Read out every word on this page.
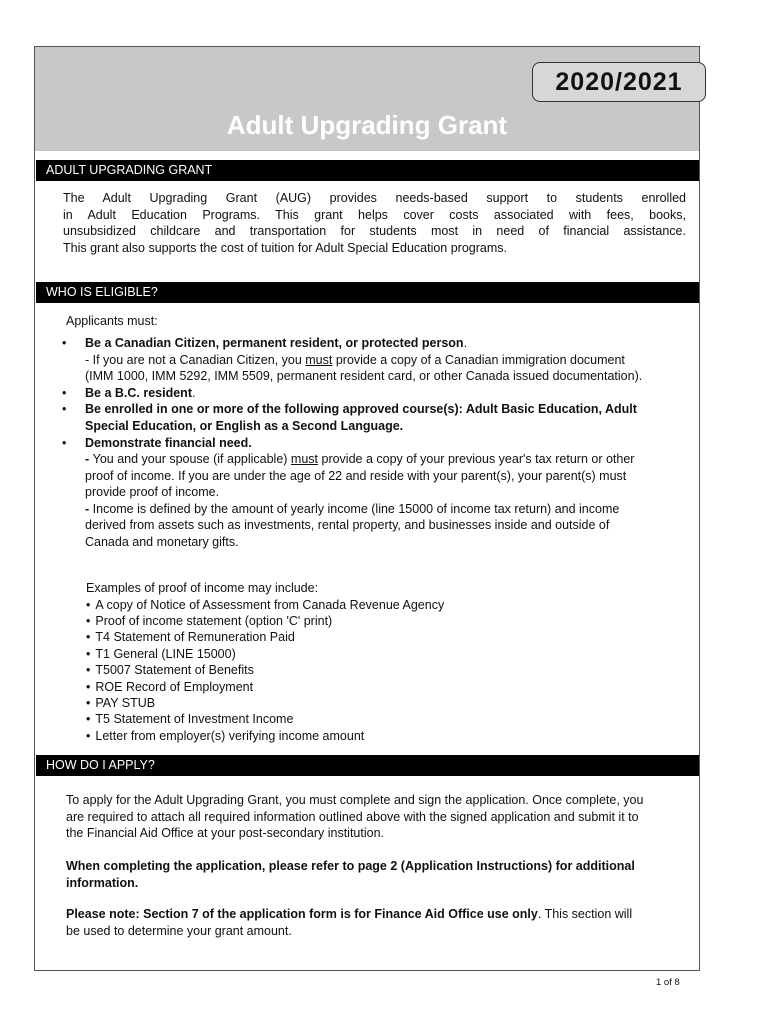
2020/2021
Adult Upgrading Grant
ADULT UPGRADING GRANT
The Adult Upgrading Grant (AUG) provides needs-based support to students enrolled
in Adult Education Programs. This grant helps cover costs associated with fees, books,
unsubsidized childcare and transportation for students most in need of financial assistance.
This grant also supports the cost of tuition for Adult Special Education programs.
WHO IS ELIGIBLE?
Applicants must:
• Be a Canadian Citizen, permanent resident, or protected person.
- If you are not a Canadian Citizen, you must provide a copy of a Canadian immigration document
(IMM 1000, IMM 5292, IMM 5509, permanent resident card, or other Canada issued documentation).
• Be a B.C. resident.
• Be enrolled in one or more of the following approved course(s): Adult Basic Education, Adult
Special Education, or English as a Second Language.
• Demonstrate financial need.
- You and your spouse (if applicable) must provide a copy of your previous year's tax return or other
proof of income. If you are under the age of 22 and reside with your parent(s), your parent(s) must
provide proof of income.
- Income is defined by the amount of yearly income (line 15000 of income tax return) and income
derived from assets such as investments, rental property, and businesses inside and outside of
Canada and monetary gifts.
Examples of proof of income may include:
• A copy of Notice of Assessment from Canada Revenue Agency
• Proof of income statement (option 'C' print)
• T4 Statement of Remuneration Paid
• T1 General (LINE 15000)
• T5007 Statement of Benefits
• ROE Record of Employment
• PAY STUB
• T5 Statement of Investment Income
• Letter from employer(s) verifying income amount
HOW DO I APPLY?
To apply for the Adult Upgrading Grant, you must complete and sign the application. Once complete, you
are required to attach all required information outlined above with the signed application and submit it to
the Financial Aid Office at your post-secondary institution.
When completing the application, please refer to page 2 (Application Instructions) for additional
information.
Please note: Section 7 of the application form is for Finance Aid Office use only. This section will
be used to determine your grant amount.
1 of 8
